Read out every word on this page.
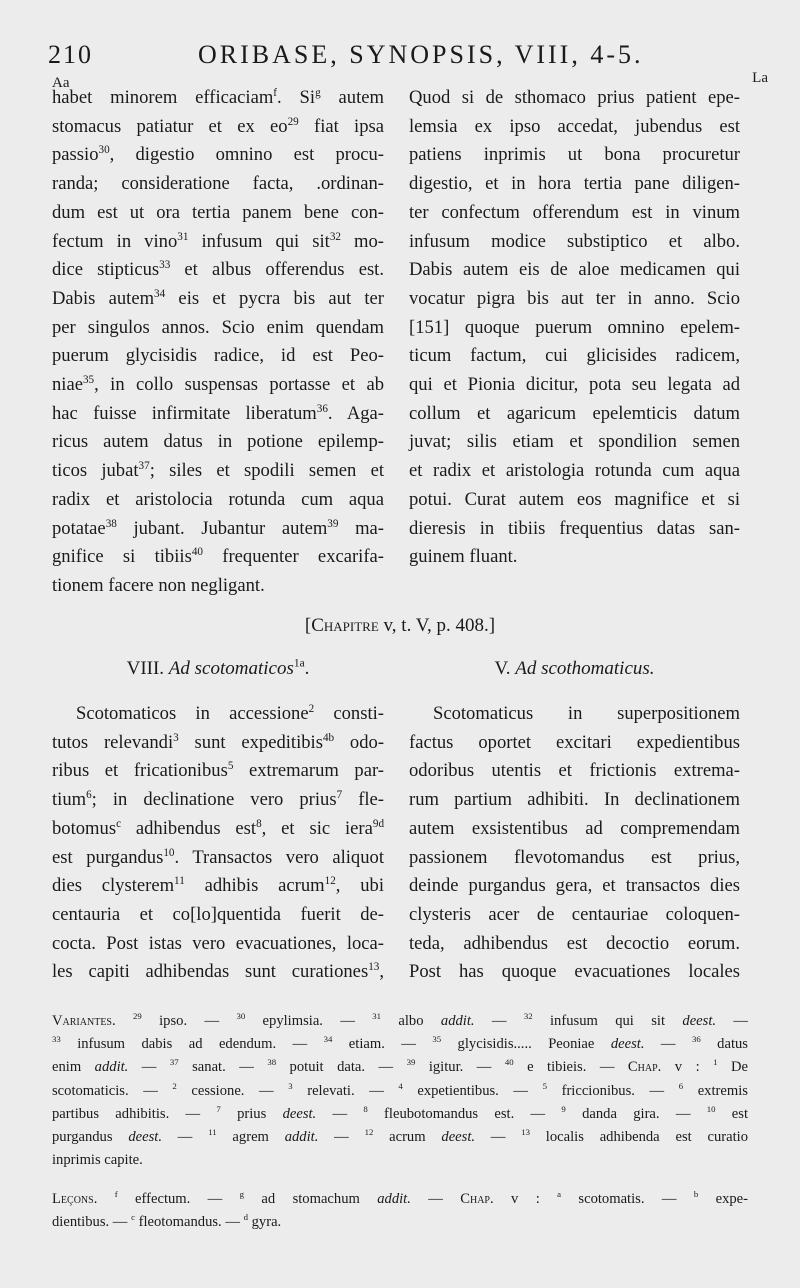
210	ORIBASE, SYNOPSIS, VIII, 4-5.
Aa	La
habet minorem efficaciam$^f$. Si$^g$ autem
stomacus patiatur et ex $eo^{29}$ fiat ipsa
passio$^{30}$, digestio omnino est procu-
randa; consideratione facta, .ordinan-
dum est ut ora tertia panem bene con-
fectum in vino$^{31}$ infusum qui sit$^{32}$ mo-
dice stipticus$^{33}$ et albus offerendus est.
Dabis autem$^{34}$ eis et pycra bis aut ter
per singulos annos. Scio enim quendam
puerum glycisidis radice, id est Peo-
niae$^{35}$, in collo suspensas portasse et ab
hac fuisse infirmitate liberatum$^{36}$. Aga-
ricus autem datus in potione epilemp-
ticos jubat$^{37}$; siles et spodili semen et
radix et aristolocia rotunda cum aqua
potatae$^{38}$ jubant. Jubantur autem$^{39}$ ma-
gnifice si tibiis$^{40}$ frequenter excarifa-
tionem facere non negligant.
Quod si de sthomaco prius patient epe-
lemsia ex ipso accedat, jubendus est
patiens inprimis ut bona procuretur
digestio, et in hora tertia pane diligen-
ter confectum offerendum est in vinum
infusum modice substiptico et albo.
Dabis autem eis de aloe medicamen qui
vocatur pigra bis aut ter in anno. Scio
[151] quoque puerum omnino epelem-
ticum factum, cui glicisides radicem,
qui et Pionia dicitur, pota seu legata ad
collum et agaricum epelemticis datum
juvat; silis etiam et spondilion semen
et radix et aristologia rotunda cum aqua
potui. Curat autem eos magnifice et si
dieresis in tibiis frequentius datas san-
guinem fluant.
[Chapitre v, t. V, p. 408.]
VIII. Ad scotomaticos$^{1a}$.	V. Ad scothomaticus.
Scotomaticos in accessione$^2$ consti-
tutos relevandi$^3$ sunt expeditibis$^{4b}$ odo-
ribus et fricationibus$^5$ extremarum par-
tium$^6$; in declinatione vero prius$^7$ fle-
botomus$^c$ adhibendus est$^8$, et sic iera$^{9d}$
est purgandus$^{10}$. Transactos vero aliquot
dies clysterem$^{11}$ adhibis acrum$^{12}$, ubi
centauria et co[lo]quentida fuerit de-
cocta. Post istas vero evacuationes, loca-
les capiti adhibendas sunt curationes$^{13}$,
Scotomaticus in superpositionem
factus oportet excitari expedientibus
odoribus utentis et frictionis extrema-
rum partium adhibiti. In declinationem
autem exsistentibus ad compremendam
passionem flevotomandus est prius,
deinde purgandus gera, et transactos dies
clysteris acer de centauriae coloquen-
teda, adhibendus est decoctio eorum.
Post has quoque evacuationes locales
Variantes. $^{29}$ ipso. — $^{30}$ epylimsia. — $^{31}$ albo addit. — $^{32}$ infusum qui sit deest. —
$^{33}$ infusum dabis ad edendum. — $^{34}$ etiam. — $^{35}$ glycisidis..... Peoniae deest. — $^{36}$ datus
enim addit. — $^{37}$ sanat. — $^{38}$ potuit data. — $^{39}$ igitur. — $^{40}$ e tibieis. — Chap. v : $^1$ De
scotomaticis. — $^2$ cessione. — $^3$ relevati. — $^4$ expetientibus. — $^5$ friccionibus. — $^6$ extremis
partibus adhibitis. — $^7$ prius deest. — $^8$ fleubotomandus est. — $^9$ danda gira. — $^{10}$ est
purgandus deest. — $^{11}$ agrem addit. — $^{12}$ acrum deest. — $^{13}$ localis adhibenda est curatio
inprimis capite.
Leçons. $^f$ effectum. — $^g$ ad stomachum addit. — Chap. v : $^a$ scotomatis. — $^b$ expe-
dientibus. — $^c$ fleotomandus. — $^d$ gyra.
